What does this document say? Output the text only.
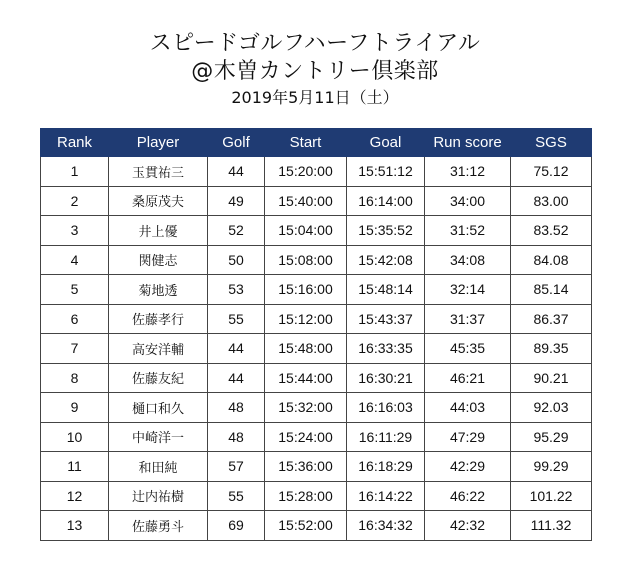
スピードゴルフハーフトライアル
@木曽カントリー倶楽部
2019年5月11日（土）
Rank	Player	Golf	Start	Goal	Run score	SGS
1	玉貫祐三	44	15:20:00	15:51:12	31:12	75.12
2	桑原茂夫	49	15:40:00	16:14:00	34:00	83.00
3	井上優	52	15:04:00	15:35:52	31:52	83.52
4	関健志	50	15:08:00	15:42:08	34:08	84.08
5	菊地透	53	15:16:00	15:48:14	32:14	85.14
6	佐藤孝行	55	15:12:00	15:43:37	31:37	86.37
7	高安洋輔	44	15:48:00	16:33:35	45:35	89.35
8	佐藤友紀	44	15:44:00	16:30:21	46:21	90.21
9	樋口和久	48	15:32:00	16:16:03	44:03	92.03
10	中崎洋一	48	15:24:00	16:11:29	47:29	95.29
11	和田純	57	15:36:00	16:18:29	42:29	99.29
12	辻内祐樹	55	15:28:00	16:14:22	46:22	101.22
13	佐藤勇斗	69	15:52:00	16:34:32	42:32	111.32
